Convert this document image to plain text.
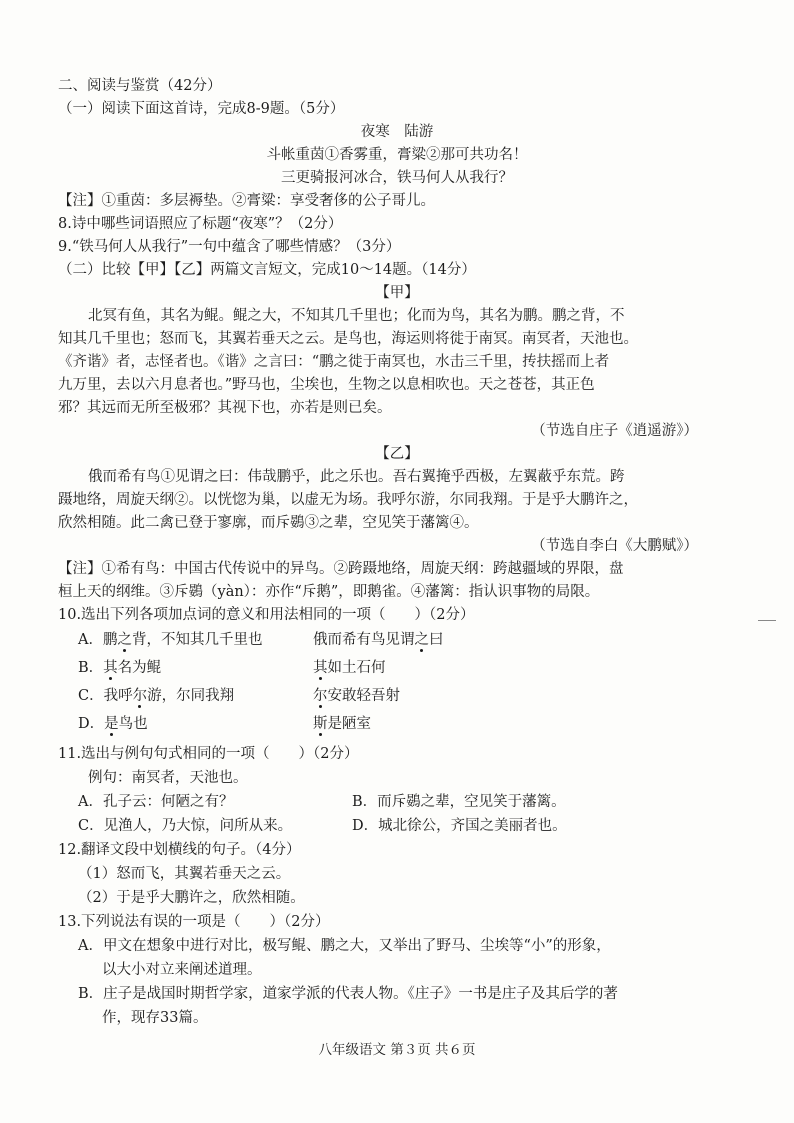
二、阅读与鉴赏（42分）
（一）阅读下面这首诗，完成8-9题。（5分）
夜寒　陆游
斗帐重茵①香雾重，膏粱②那可共功名！
三更骑报河冰合，铁马何人从我行？
【注】①重茵：多层褥垫。②膏粱：享受奢侈的公子哥儿。
8.诗中哪些词语照应了标题“夜寒”？（2分）
9.“铁马何人从我行”一句中蕴含了哪些情感？（3分）
（二）比较【甲】【乙】两篇文言短文，完成10～14题。（14分）
【甲】
北冥有鱼，其名为鲲。鲲之大，不知其几千里也；化而为鸟，其名为鹏。鹏之背，不
知其几千里也；怒而飞，其翼若垂天之云。是鸟也，海运则将徙于南冥。南冥者，天池也。
《齐谐》者，志怪者也。《谐》之言曰：“鹏之徙于南冥也，水击三千里，抟扶摇而上者
九万里，去以六月息者也。”野马也，尘埃也，生物之以息相吹也。天之苍苍，其正色
邪？其远而无所至极邪？其视下也，亦若是则已矣。
（节选自庄子《逍遥游》）
【乙】
俄而希有鸟①见谓之曰：伟哉鹏乎，此之乐也。吾右翼掩乎西极，左翼蔽乎东荒。跨
蹑地络，周旋天纲②。以恍惚为巢，以虚无为场。我呼尔游，尔同我翔。于是乎大鹏许之，
欣然相随。此二禽已登于寥廓，而斥鷃③之辈，空见笑于藩篱④。
（节选自李白《大鹏赋》）
【注】①希有鸟：中国古代传说中的异鸟。②跨蹑地络，周旋天纲：跨越疆域的界限，盘
桓上天的纲维。③斥鷃（yàn）：亦作“斥鹅”，即鹅雀。④藩篱：指认识事物的局限。
10.选出下列各项加点词的意义和用法相同的一项（　　）（2分）
A．鹏之背，不知其几千里也	俄而希有鸟见谓之曰
B．其名为鲲	其如土石何
C．我呼尔游，尔同我翔	尔安敢轻吾射
D．是鸟也	斯是陋室
11.选出与例句句式相同的一项（　　）（2分）
例句：南冥者，天池也。
A．孔子云：何陋之有？	B．而斥鷃之辈，空见笑于藩篱。
C．见渔人，乃大惊，问所从来。	D．城北徐公，齐国之美丽者也。
12.翻译文段中划横线的句子。（4分）
（1）怒而飞，其翼若垂天之云。
（2）于是乎大鹏许之，欣然相随。
13.下列说法有误的一项是（　　）（2分）
A．甲文在想象中进行对比，极写鲲、鹏之大，又举出了野马、尘埃等“小”的形象，
以大小对立来阐述道理。
B．庄子是战国时期哲学家，道家学派的代表人物。《庄子》一书是庄子及其后学的著
作，现存33篇。
八年级语文 第３页 共６页
